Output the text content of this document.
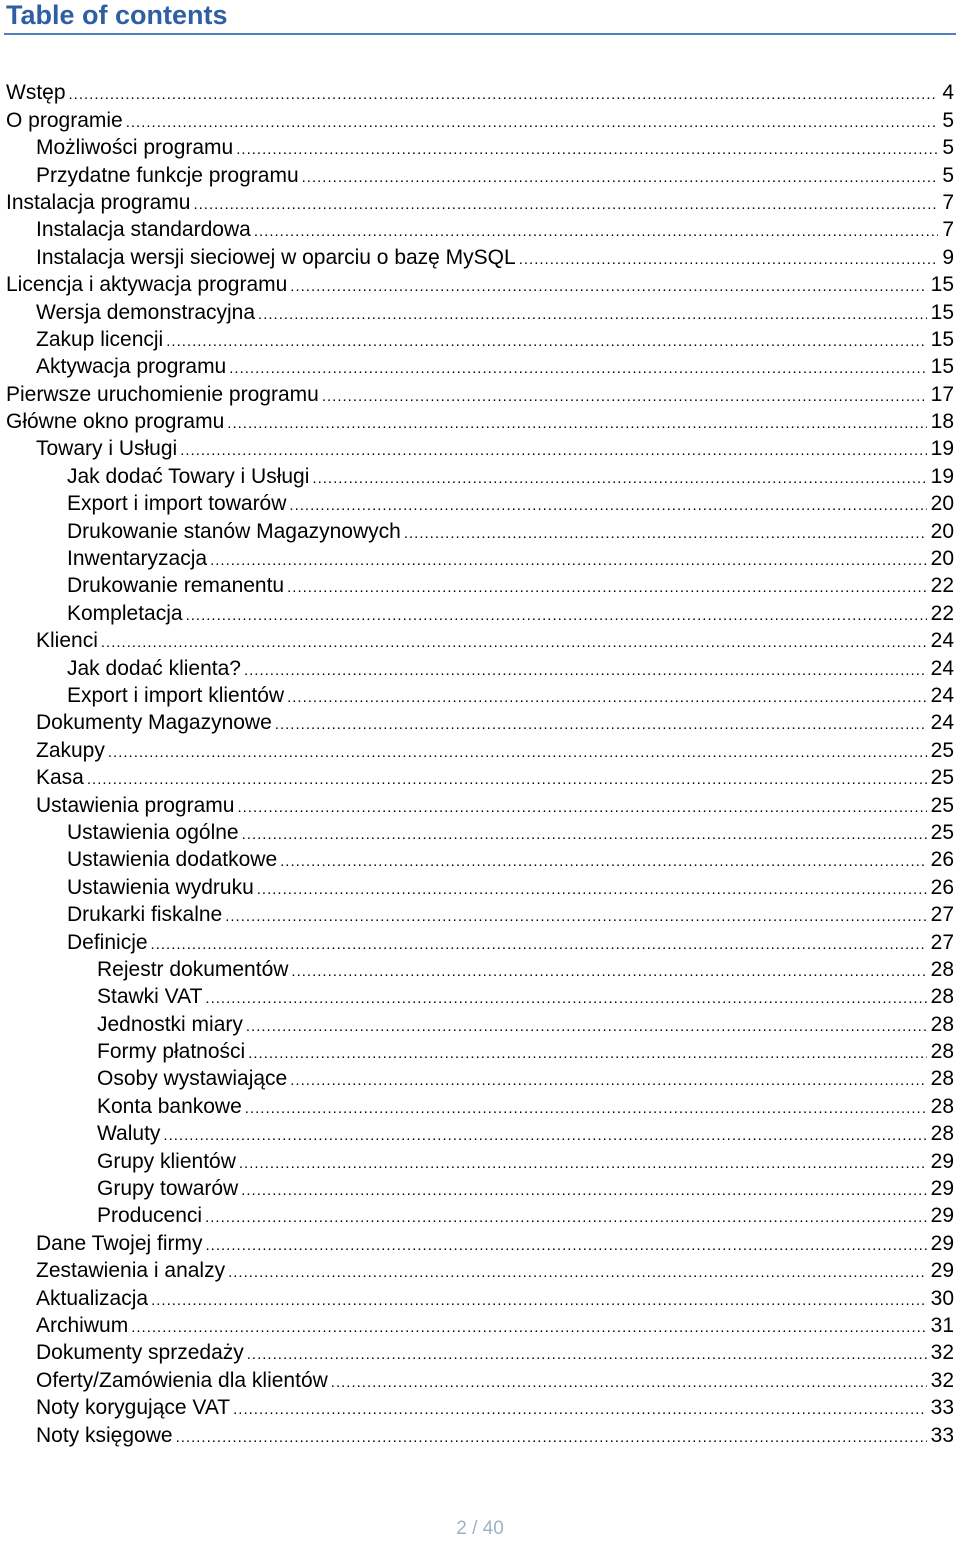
Table of contents
Wstęp .....	4
O programie .....	5
Możliwości programu .....	5
Przydatne funkcje programu .....	5
Instalacja programu .....	7
Instalacja standardowa .....	7
Instalacja wersji sieciowej w oparciu o bazę MySQL .....	9
Licencja i aktywacja programu .....	15
Wersja demonstracyjna .....	15
Zakup licencji .....	15
Aktywacja programu .....	15
Pierwsze uruchomienie programu .....	17
Główne okno programu .....	18
Towary i Usługi .....	19
Jak dodać Towary i Usługi .....	19
Export i import towarów .....	20
Drukowanie stanów Magazynowych .....	20
Inwentaryzacja .....	20
Drukowanie remanentu .....	22
Kompletacja .....	22
Klienci .....	24
Jak dodać klienta? .....	24
Export i import klientów .....	24
Dokumenty Magazynowe .....	24
Zakupy .....	25
Kasa .....	25
Ustawienia programu .....	25
Ustawienia ogólne .....	25
Ustawienia dodatkowe .....	26
Ustawienia wydruku .....	26
Drukarki fiskalne .....	27
Definicje .....	27
Rejestr dokumentów .....	28
Stawki VAT .....	28
Jednostki miary .....	28
Formy płatności .....	28
Osoby wystawiające .....	28
Konta bankowe .....	28
Waluty .....	28
Grupy klientów .....	29
Grupy towarów .....	29
Producenci .....	29
Dane Twojej firmy .....	29
Zestawienia i analzy .....	29
Aktualizacja .....	30
Archiwum .....	31
Dokumenty sprzedaży .....	32
Oferty/Zamówienia dla klientów .....	32
Noty korygujące VAT .....	33
Noty księgowe .....	33
2 / 40
